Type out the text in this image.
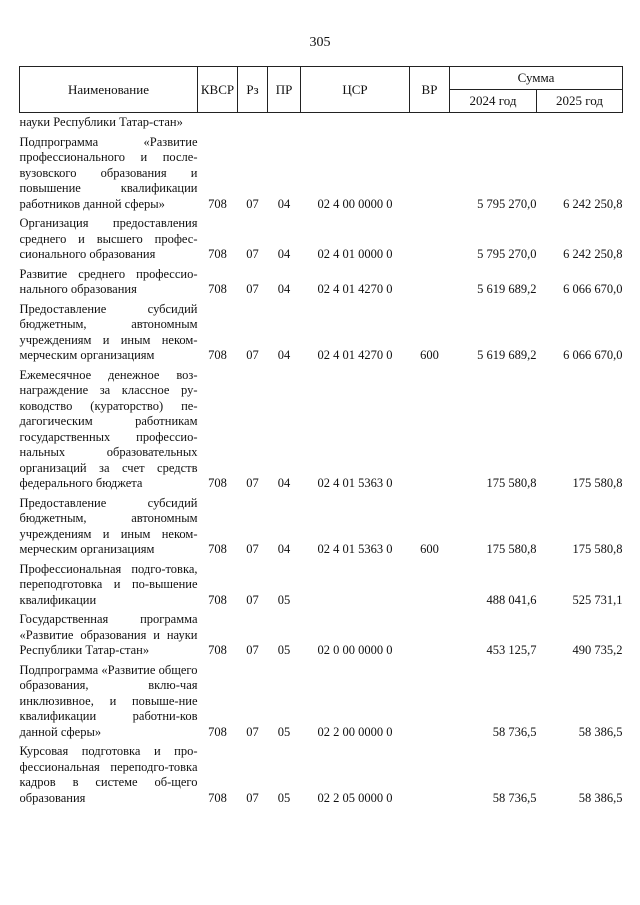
305
Наименование	КВСР	Рз	ПР	ЦСР	ВР	Сумма	
						2024 год	2025 год
науки Республики Татар-стан»							
Подпрограмма «Развитие профессионального и после-вузовского образования и повышение квалификации работников данной сферы»	708	07	04	02 4 00 0000 0		5 795 270,0	6 242 250,8
Организация предоставления среднего и высшего профес-сионального образования	708	07	04	02 4 01 0000 0		5 795 270,0	6 242 250,8
Развитие среднего профессио-нального образования	708	07	04	02 4 01 4270 0		5 619 689,2	6 066 670,0
Предоставление субсидий бюджетным, автономным учреждениям и иным неком-мерческим организациям	708	07	04	02 4 01 4270 0	600	5 619 689,2	6 066 670,0
Ежемесячное денежное воз-награждение за классное ру-ководство (кураторство) пе-дагогическим работникам государственных профессио-нальных образовательных организаций за счет средств федерального бюджета	708	07	04	02 4 01 5363 0		175 580,8	175 580,8
Предоставление субсидий бюджетным, автономным учреждениям и иным неком-мерческим организациям	708	07	04	02 4 01 5363 0	600	175 580,8	175 580,8
Профессиональная подго-товка, переподготовка и по-вышение квалификации	708	07	05			488 041,6	525 731,1
Государственная программа «Развитие образования и науки Республики Татар-стан»	708	07	05	02 0 00 0000 0		453 125,7	490 735,2
Подпрограмма «Развитие общего образования, вклю-чая инклюзивное, и повыше-ние квалификации работни-ков данной сферы»	708	07	05	02 2 00 0000 0		58 736,5	58 386,5
Курсовая подготовка и про-фессиональная переподго-товка кадров в системе об-щего образования	708	07	05	02 2 05 0000 0		58 736,5	58 386,5
